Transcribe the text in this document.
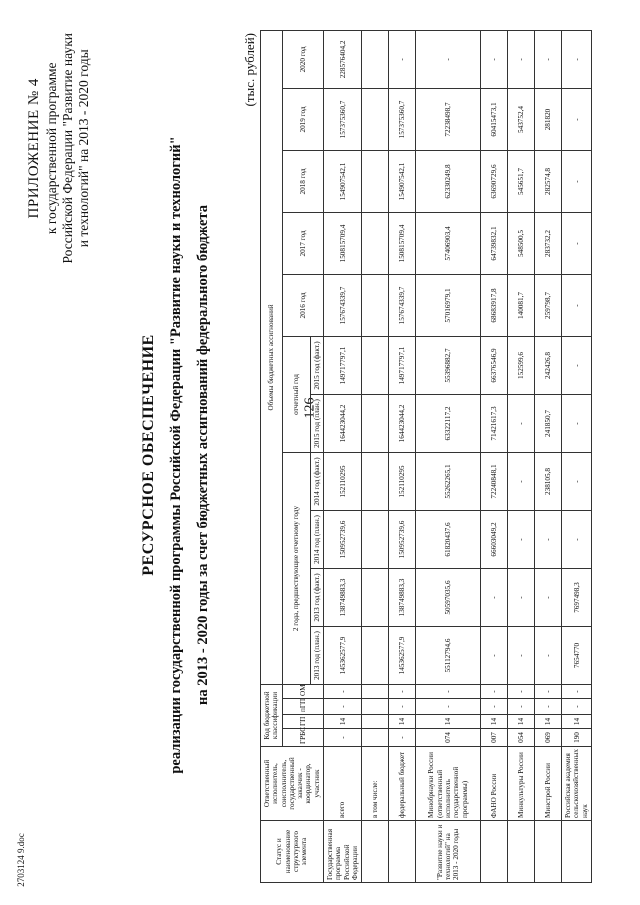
126
2703124 9.doc
ПРИЛОЖЕНИЕ № 4 к государственной программе Российской Федерации "Развитие науки и технологий" на 2013 - 2020 годы
РЕСУРСНОЕ ОБЕСПЕЧЕНИЕ реализации государственной программы Российской Федерации "Развитие науки и технологий" на 2013 - 2020 годы за счет бюджетных ассигнований федерального бюджета
(тыс. рублей)
Статус и наименование структурного элемента	Ответственный исполнитель, соисполнитель, государственный заказчик - координатор, участник	Код бюджетной классификации				Объемы бюджетных ассигнований										
		ГРБС	ГП	пГП	ОМ	2 года, предшествующие отчетному году				отчетный год		2016 год	2017 год	2018 год	2019 год	2020 год
						2013 год (план.)	2013 год (факт.)	2014 год (план.)	2014 год (факт.)	2015 год (план.)	2015 год (факт.)					
Государственная программа Российской Федерации	всего	-	14	-	-	145362577,9	138749883,3	150952739,6	152110295	164423044,2	149717797,1	157674339,7	150815709,4	154907542,1	157375360,7	228576404,2
	в том числе:															
	федеральный бюджет	-	14	-	-	145362577,9	138749883,3	150952739,6	152110295	164423044,2	149717797,1	157674339,7	150815709,4	154907542,1	157375360,7	-
"Развитие науки и технологий" на 2013 - 2020 годы	Минобрнауки России (ответственный исполнитель государственной программы)	074	14	-	-	55112794,6	50597035,6	61820437,6	55262265,1	63322117,2	55396882,7	57016979,1	57406903,4	62330249,8	72238498,7	-
	ФАНО России	007	14	-	-	-	-	66603049,2	72240848,1	71421617,3	66376546,9	68683917,8	64739832,1	63690729,6	60415473,1	-
	Минкультуры России	054	14	-	-	-	-	-	-	-	152599,6	140081,7	548500,5	545651,7	543752,4	-
	Минстрой России	069	14	-	-	-	-	-	238105,8	241850,7	242426,8	259798,7	283732,2	282574,8	281820	-
	Российская академия сельскохозяйственных наук	190	14	-	-	7654770	7697498,3	-	-	-	-	-	-	-	-	-
